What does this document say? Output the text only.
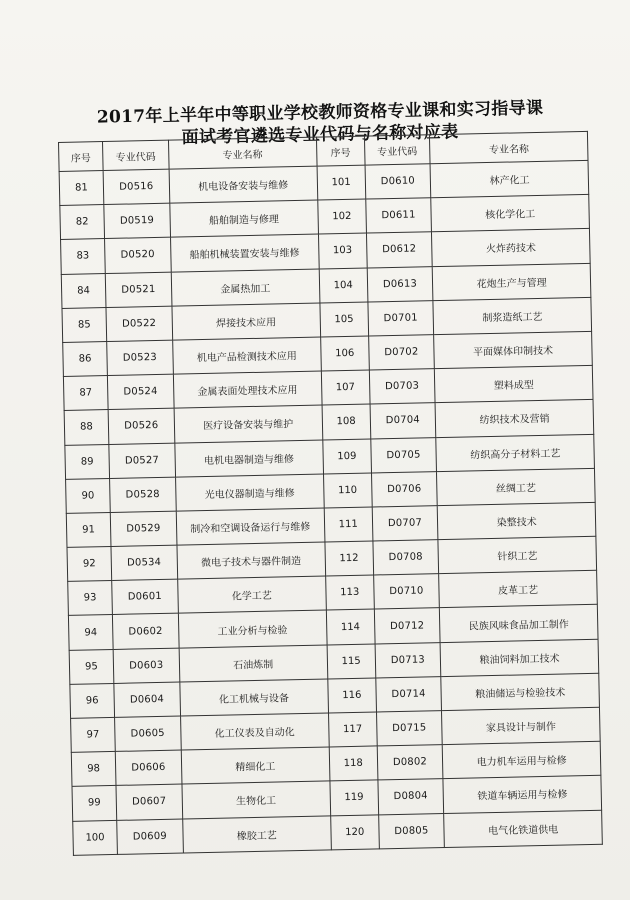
2017年上半年中等职业学校教师资格专业课和实习指导课
面试考官遴选专业代码与名称对应表
序号	专业代码	专业名称	序号	专业代码	专业名称
81	D0516	机电设备安装与维修	101	D0610	林产化工
82	D0519	船舶制造与修理	102	D0611	核化学化工
83	D0520	船舶机械装置安装与维修	103	D0612	火炸药技术
84	D0521	金属热加工	104	D0613	花炮生产与管理
85	D0522	焊接技术应用	105	D0701	制浆造纸工艺
86	D0523	机电产品检测技术应用	106	D0702	平面媒体印制技术
87	D0524	金属表面处理技术应用	107	D0703	塑料成型
88	D0526	医疗设备安装与维护	108	D0704	纺织技术及营销
89	D0527	电机电器制造与维修	109	D0705	纺织高分子材料工艺
90	D0528	光电仪器制造与维修	110	D0706	丝绸工艺
91	D0529	制冷和空调设备运行与维修	111	D0707	染整技术
92	D0534	微电子技术与器件制造	112	D0708	针织工艺
93	D0601	化学工艺	113	D0710	皮革工艺
94	D0602	工业分析与检验	114	D0712	民族风味食品加工制作
95	D0603	石油炼制	115	D0713	粮油饲料加工技术
96	D0604	化工机械与设备	116	D0714	粮油储运与检验技术
97	D0605	化工仪表及自动化	117	D0715	家具设计与制作
98	D0606	精细化工	118	D0802	电力机车运用与检修
99	D0607	生物化工	119	D0804	铁道车辆运用与检修
100	D0609	橡胶工艺	120	D0805	电气化铁道供电
